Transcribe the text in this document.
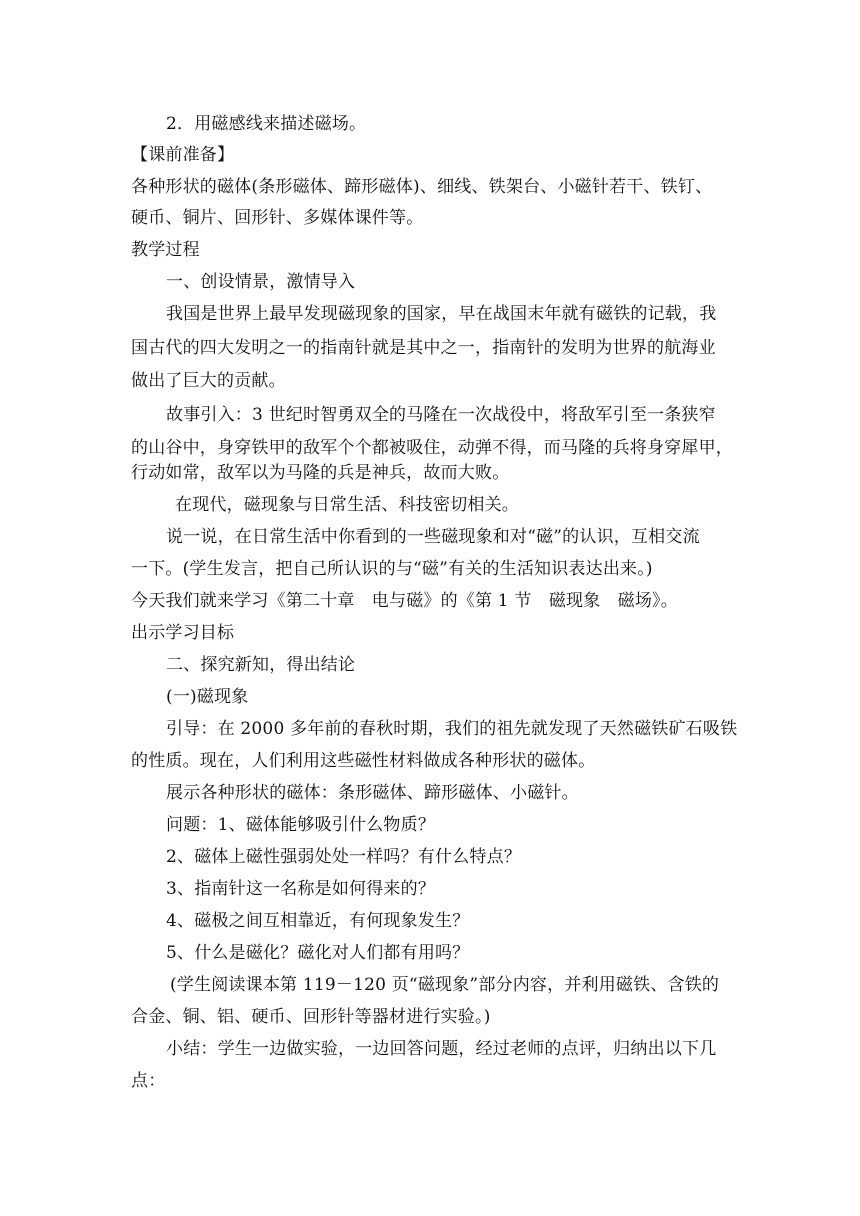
2．用磁感线来描述磁场。
【课前准备】
各种形状的磁体(条形磁体、蹄形磁体)、细线、铁架台、小磁针若干、铁钉、
硬币、铜片、回形针、多媒体课件等。
教学过程
一、创设情景，激情导入
我国是世界上最早发现磁现象的国家，早在战国末年就有磁铁的记载，我
国古代的四大发明之一的指南针就是其中之一，指南针的发明为世界的航海业
做出了巨大的贡献。
故事引入：3 世纪时智勇双全的马隆在一次战役中，将敌军引至一条狭窄
的山谷中，身穿铁甲的敌军个个都被吸住，动弹不得，而马隆的兵将身穿犀甲，
行动如常，敌军以为马隆的兵是神兵，故而大败。
在现代，磁现象与日常生活、科技密切相关。
说一说，在日常生活中你看到的一些磁现象和对“磁”的认识，互相交流
一下。(学生发言，把自己所认识的与“磁”有关的生活知识表达出来。)
今天我们就来学习《第二十章　电与磁》的《第 1 节　磁现象　磁场》。
出示学习目标
二、探究新知，得出结论
(一)磁现象
引导：在 2000 多年前的春秋时期，我们的祖先就发现了天然磁铁矿石吸铁
的性质。现在，人们利用这些磁性材料做成各种形状的磁体。
展示各种形状的磁体：条形磁体、蹄形磁体、小磁针。
问题：1、磁体能够吸引什么物质？
2、磁体上磁性强弱处处一样吗？有什么特点？
3、指南针这一名称是如何得来的？
4、磁极之间互相靠近，有何现象发生？
5、什么是磁化？磁化对人们都有用吗？
(学生阅读课本第 119－120 页“磁现象”部分内容，并利用磁铁、含铁的
合金、铜、铝、硬币、回形针等器材进行实验。)
小结：学生一边做实验，一边回答问题，经过老师的点评，归纳出以下几
点：
